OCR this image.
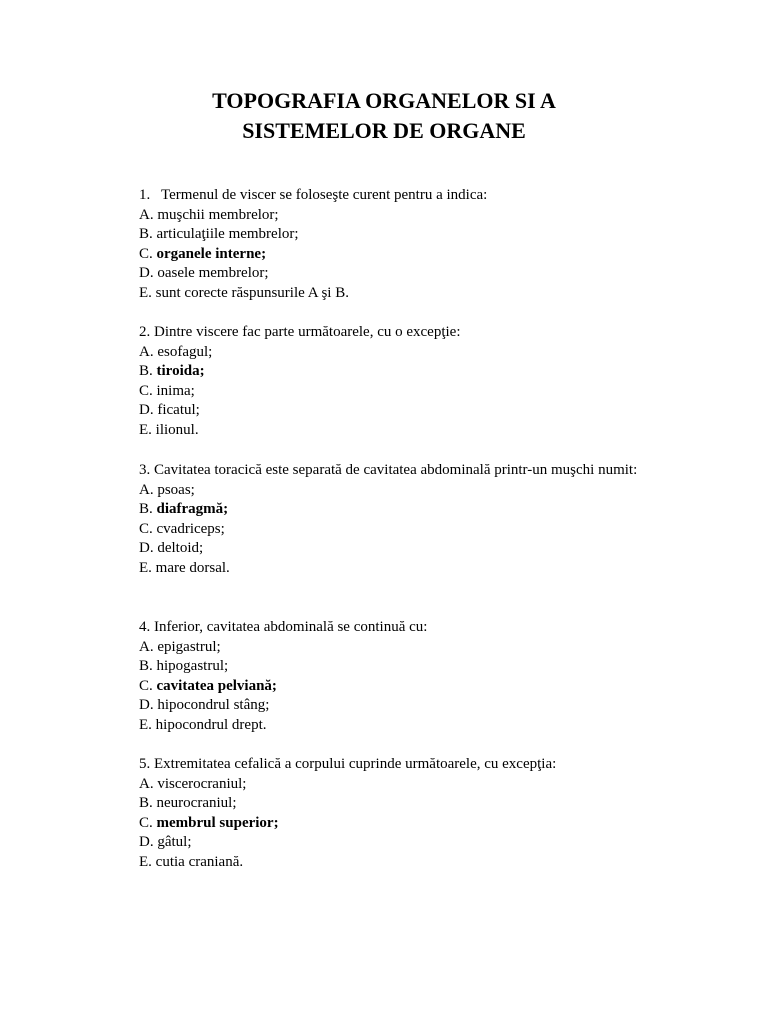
TOPOGRAFIA ORGANELOR SI A
SISTEMELOR DE ORGANE
1. Termenul de viscer se foloseşte curent pentru a indica:
A. muşchii membrelor;
B. articulaţiile membrelor;
C. organele interne;
D. oasele membrelor;
E. sunt corecte răspunsurile A şi B.
2. Dintre viscere fac parte următoarele, cu o excepţie:
A. esofagul;
B. tiroida;
C. inima;
D. ficatul;
E. ilionul.
3. Cavitatea toracică este separată de cavitatea abdominală printr-un muşchi numit:
A. psoas;
B. diafragmă;
C. cvadriceps;
D. deltoid;
E. mare dorsal.
4. Inferior, cavitatea abdominală se continuă cu:
A. epigastrul;
B. hipogastrul;
C. cavitatea pelviană;
D. hipocondrul stâng;
E. hipocondrul drept.
5. Extremitatea cefalică a corpului cuprinde următoarele, cu excepţia:
A. viscerocraniul;
B. neurocraniul;
C. membrul superior;
D. gâtul;
E. cutia craniană.
